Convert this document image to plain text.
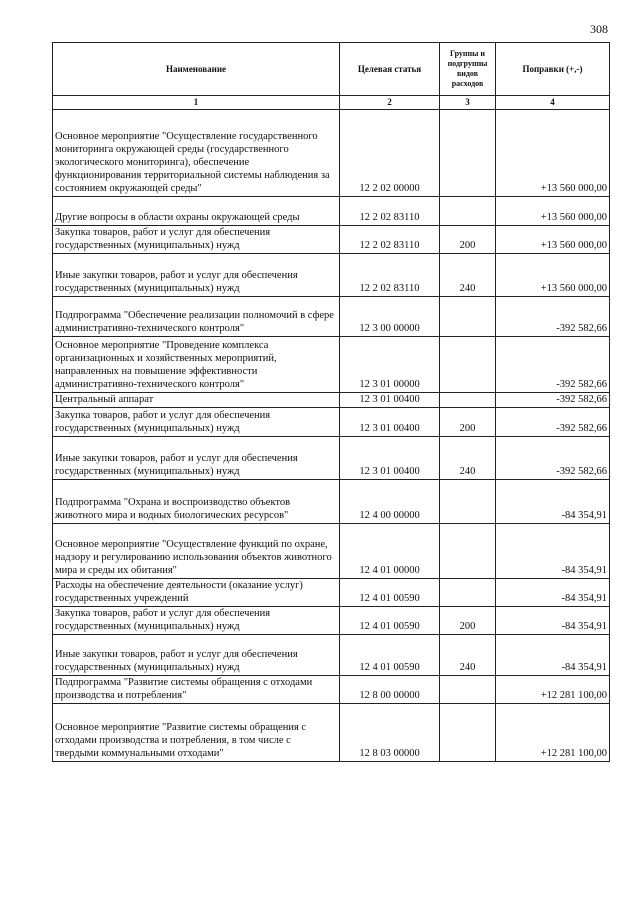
308
Наименование	Целевая статья	Группы и подгруппы видов расходов	Поправки (+,-)
1	2	3	4
Основное мероприятие "Осуществление государственного мониторинга окружающей среды (государственного экологического мониторинга), обеспечение функционирования территориальной системы наблюдения за состоянием окружающей среды"	12 2 02 00000		+13 560 000,00
Другие вопросы в области охраны окружающей среды	12 2 02 83110		+13 560 000,00
Закупка товаров, работ и услуг для обеспечения государственных (муниципальных) нужд	12 2 02 83110	200	+13 560 000,00
Иные закупки товаров, работ и услуг для обеспечения государственных (муниципальных) нужд	12 2 02 83110	240	+13 560 000,00
Подпрограмма "Обеспечение реализации полномочий в сфере административно-технического контроля"	12 3 00 00000		-392 582,66
Основное мероприятие "Проведение комплекса организационных и хозяйственных мероприятий, направленных на повышение эффективности административно-технического контроля"	12 3 01 00000		-392 582,66
Центральный аппарат	12 3 01 00400		-392 582,66
Закупка товаров, работ и услуг для обеспечения государственных (муниципальных) нужд	12 3 01 00400	200	-392 582,66
Иные закупки товаров, работ и услуг для обеспечения государственных (муниципальных) нужд	12 3 01 00400	240	-392 582,66
Подпрограмма "Охрана и воспроизводство объектов животного мира и водных биологических ресурсов"	12 4 00 00000		-84 354,91
Основное мероприятие "Осуществление функций по охране, надзору и регулированию использования объектов животного мира и среды их обитания"	12 4 01 00000		-84 354,91
Расходы на обеспечение деятельности (оказание услуг) государственных учреждений	12 4 01 00590		-84 354,91
Закупка товаров, работ и услуг для обеспечения государственных (муниципальных) нужд	12 4 01 00590	200	-84 354,91
Иные закупки товаров, работ и услуг для обеспечения государственных (муниципальных) нужд	12 4 01 00590	240	-84 354,91
Подпрограмма "Развитие системы обращения с отходами производства и потребления"	12 8 00 00000		+12 281 100,00
Основное мероприятие "Развитие системы обращения с отходами производства и потребления, в том числе с твердыми коммунальными отходами"	12 8 03 00000		+12 281 100,00
